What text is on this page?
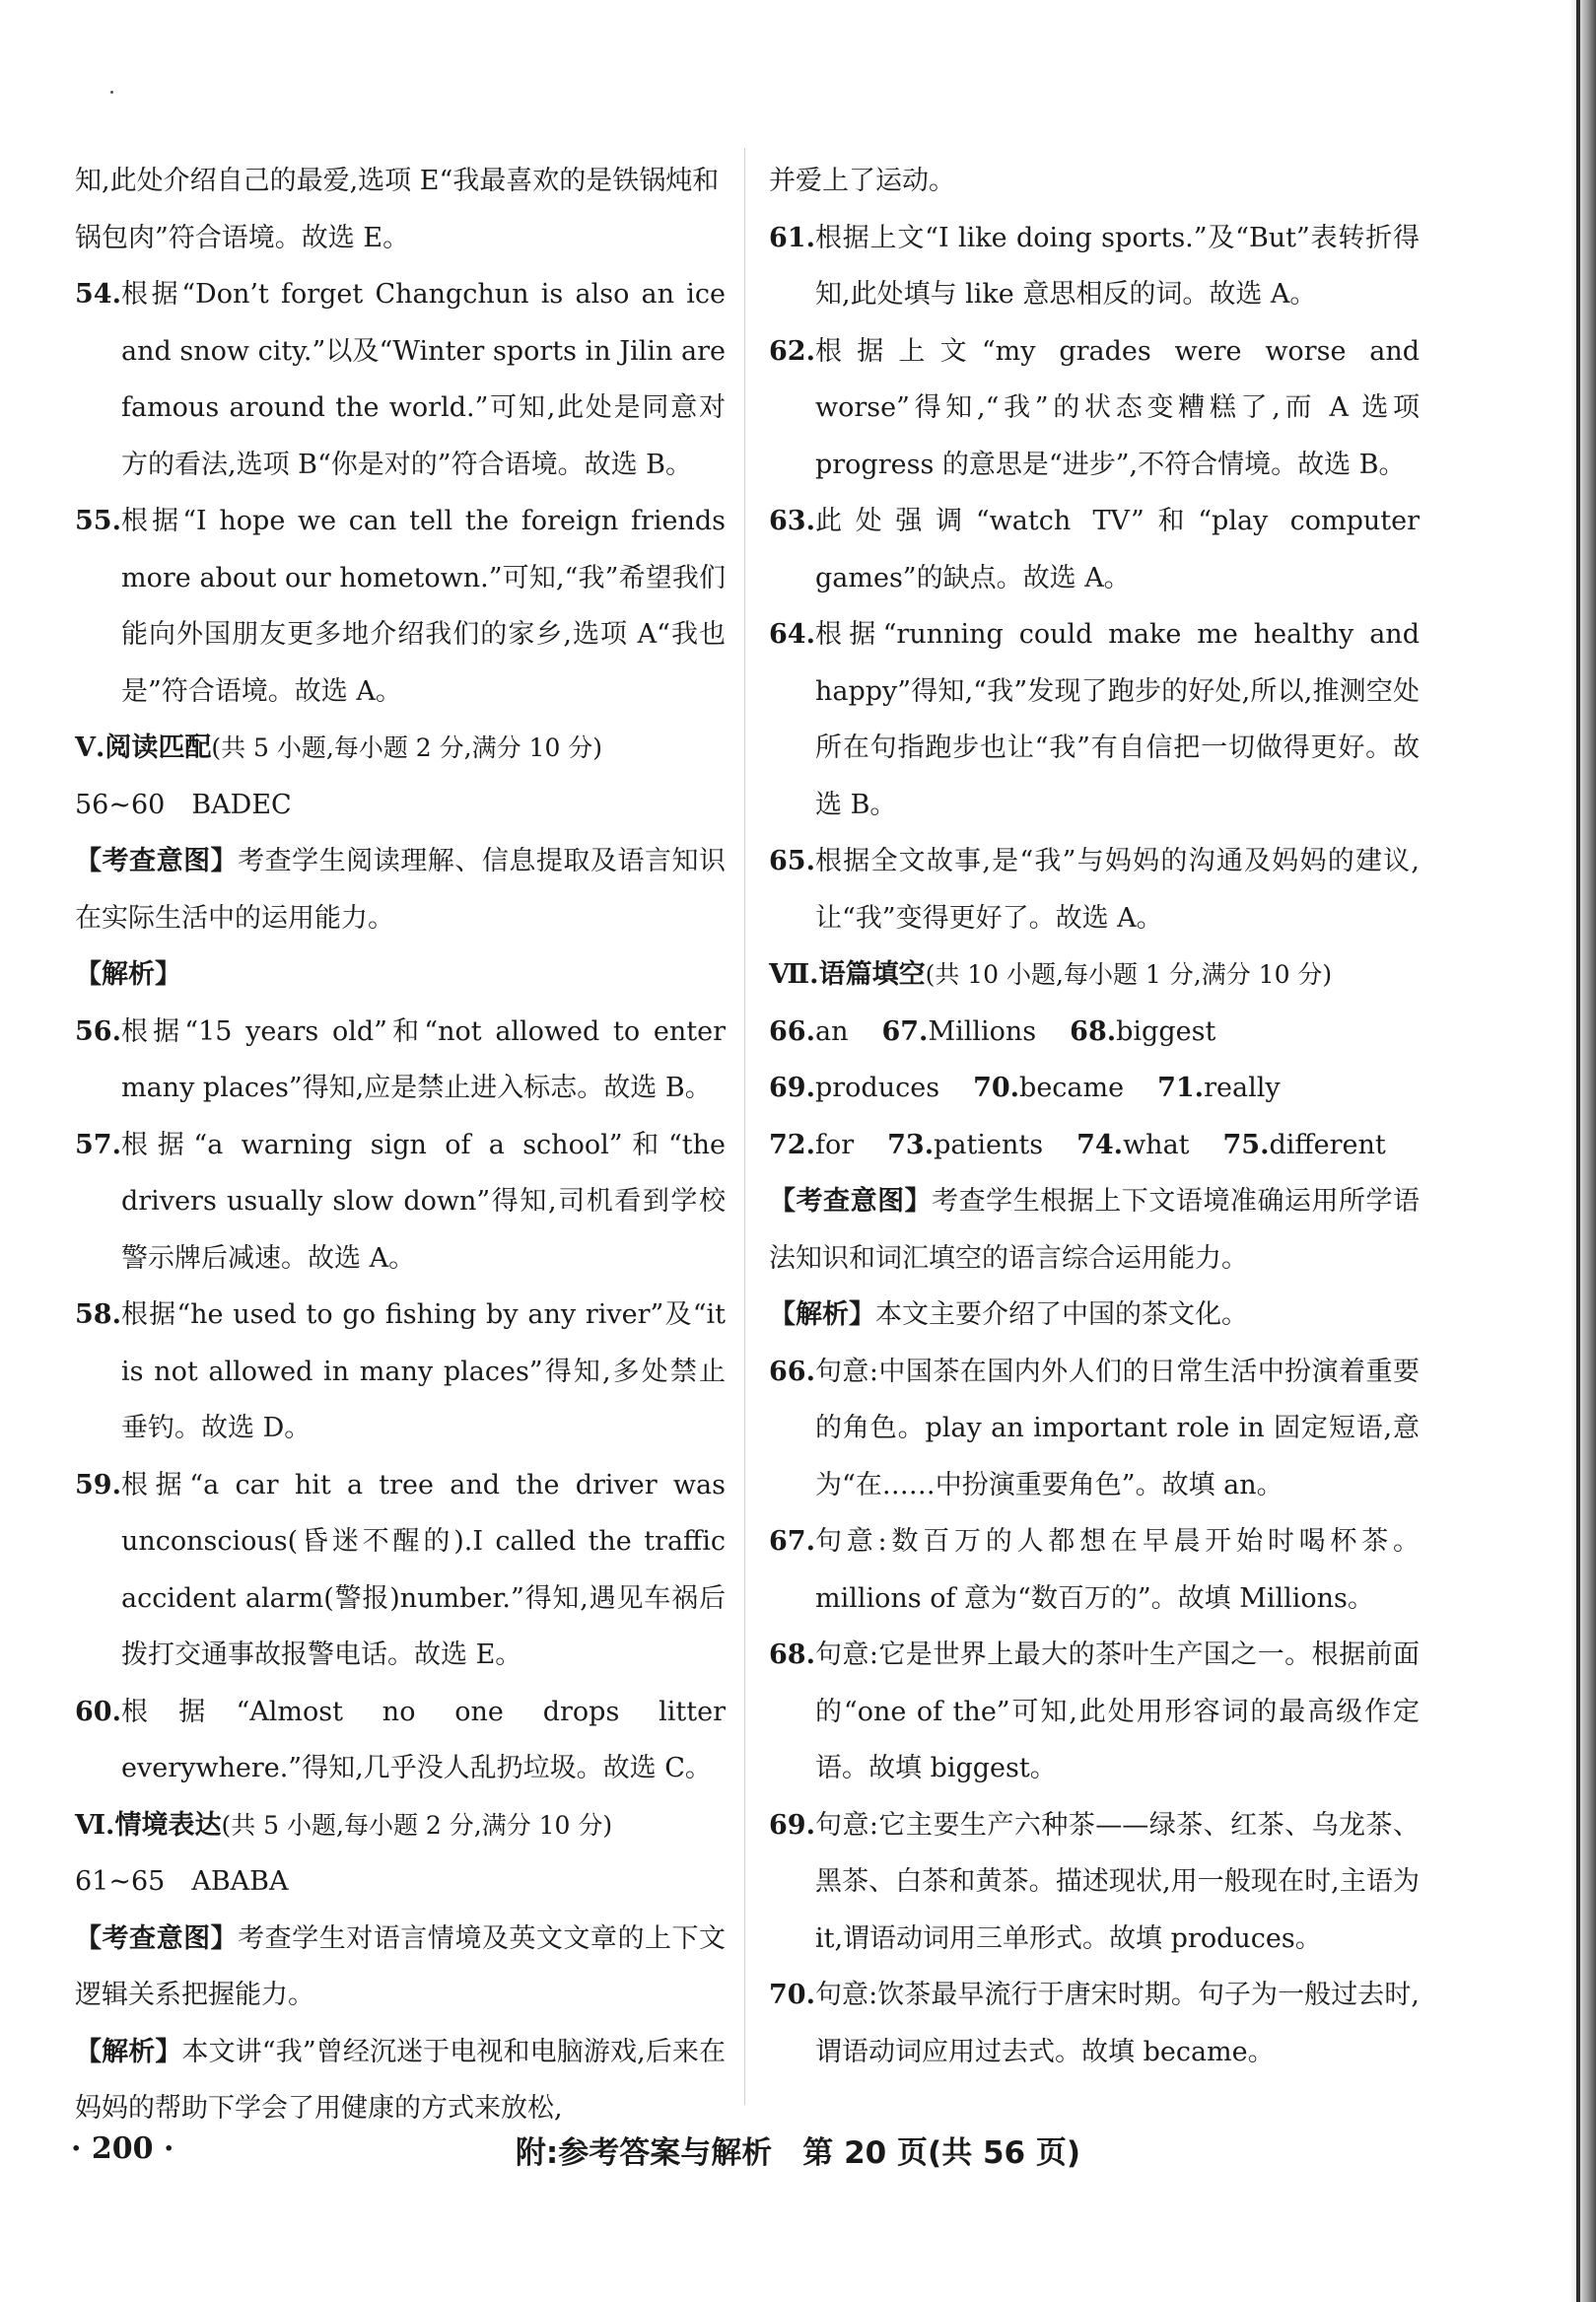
知,此处介绍自己的最爱,选项 E“我最喜欢的是铁锅炖和锅包肉”符合语境。故选 E。

54. 根据“Don’t forget Changchun is also an ice and snow city.”以及“Winter sports in Jilin are famous around the world.”可知,此处是同意对方的看法,选项 B“你是对的”符合语境。故选 B。
55. 根据“I hope we can tell the foreign friends more about our hometown.”可知,“我”希望我们能向外国朋友更多地介绍我们的家乡,选项 A“我也是”符合语境。故选 A。

Ⅴ.阅读匹配(共 5 小题,每小题 2 分,满分 10 分)

56~60　BADEC

【考查意图】考查学生阅读理解、信息提取及语言知识在实际生活中的运用能力。

【解析】

56. 根据“15 years old”和“not allowed to enter many places”得知,应是禁止进入标志。故选 B。
57. 根据“a warning sign of a school”和“the drivers usually slow down”得知,司机看到学校警示牌后减速。故选 A。
58. 根据“he used to go fishing by any river”及“it is not allowed in many places”得知,多处禁止垂钓。故选 D。
59. 根据“a car hit a tree and the driver was unconscious(昏迷不醒的).I called the traffic accident alarm(警报)number.”得知,遇见车祸后拨打交通事故报警电话。故选 E。
60. 根据“Almost no one drops litter everywhere.”得知,几乎没人乱扔垃圾。故选 C。

Ⅵ.情境表达(共 5 小题,每小题 2 分,满分 10 分)

61~65　ABABA

【考查意图】考查学生对语言情境及英文文章的上下文逻辑关系把握能力。

【解析】本文讲“我”曾经沉迷于电视和电脑游戏,后来在妈妈的帮助下学会了用健康的方式来放松,

并爱上了运动。

61. 根据上文“I like doing sports.”及“But”表转折得知,此处填与 like 意思相反的词。故选 A。
62. 根据上文“my grades were worse and worse”得知,“我”的状态变糟糕了,而 A 选项 progress 的意思是“进步”,不符合情境。故选 B。
63. 此处强调“watch TV”和“play computer games”的缺点。故选 A。
64. 根据“running could make me healthy and happy”得知,“我”发现了跑步的好处,所以,推测空处所在句指跑步也让“我”有自信把一切做得更好。故选 B。
65. 根据全文故事,是“我”与妈妈的沟通及妈妈的建议,让“我”变得更好了。故选 A。

Ⅶ.语篇填空(共 10 小题,每小题 1 分,满分 10 分)

66.an 67.Millions 68.biggest
69.produces 70.became 71.really
72.for 73.patients 74.what 75.different

【考查意图】考查学生根据上下文语境准确运用所学语法知识和词汇填空的语言综合运用能力。

【解析】本文主要介绍了中国的茶文化。

66. 句意:中国茶在国内外人们的日常生活中扮演着重要的角色。play an important role in 固定短语,意为“在……中扮演重要角色”。故填 an。
67. 句意:数百万的人都想在早晨开始时喝杯茶。millions of 意为“数百万的”。故填 Millions。
68. 句意:它是世界上最大的茶叶生产国之一。根据前面的“one of the”可知,此处用形容词的最高级作定语。故填 biggest。
69. 句意:它主要生产六种茶——绿茶、红茶、乌龙茶、黑茶、白茶和黄茶。描述现状,用一般现在时,主语为 it,谓语动词用三单形式。故填 produces。
70. 句意:饮茶最早流行于唐宋时期。句子为一般过去时,谓语动词应用过去式。故填 became。
· 200 ·	附:参考答案与解析　第 20 页(共 56 页)
